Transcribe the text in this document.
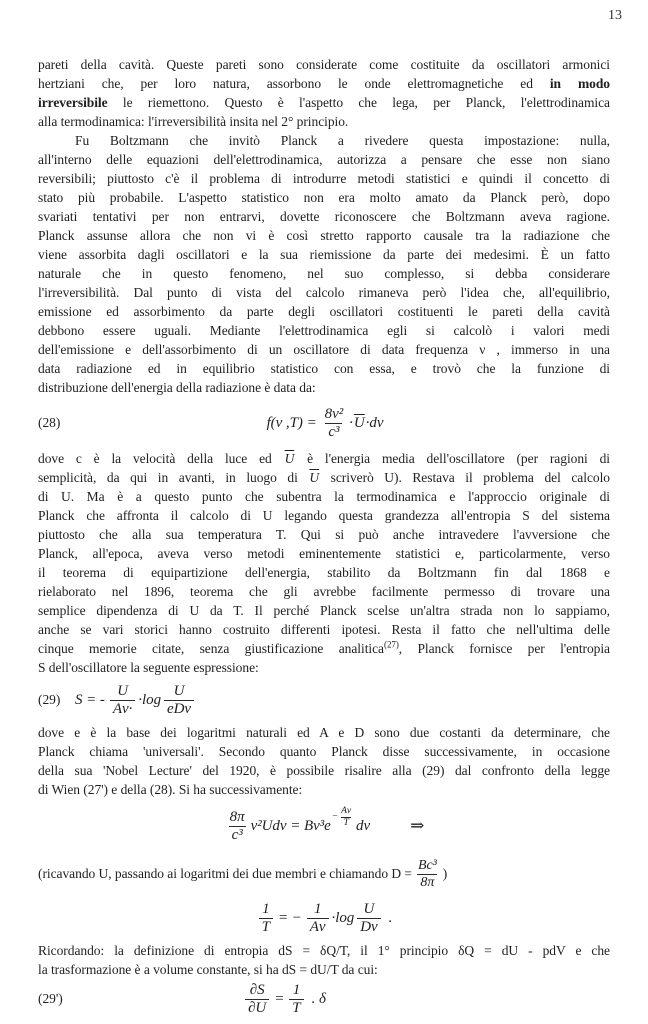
13
pareti della cavità. Queste pareti sono considerate come costituite da oscillatori armonici
hertziani che, per loro natura, assorbono le onde elettromagnetiche ed in modo
irreversibile le riemettono. Questo è l'aspetto che lega, per Planck, l'elettrodinamica
alla termodinamica: l'irreversibilità insita nel 2° principio.
Fu Boltzmann che invitò Planck a rivedere questa impostazione: nulla,
all'interno delle equazioni dell'elettrodinamica, autorizza a pensare che esse non siano
reversibili; piuttosto c'è il problema di introdurre metodi statistici e quindi il concetto di
stato più probabile. L'aspetto statistico non era molto amato da Planck però, dopo
svariati tentativi per non entrarvi, dovette riconoscere che Boltzmann aveva ragione.
Planck assunse allora che non vi è così stretto rapporto causale tra la radiazione che
viene assorbita dagli oscillatori e la sua riemissione da parte dei medesimi. È un fatto
naturale che in questo fenomeno, nel suo complesso, si debba considerare
l'irreversibilità. Dal punto di vista del calcolo rimaneva però l'idea che, all'equilibrio,
emissione ed assorbimento da parte degli oscillatori costituenti le pareti della cavità
debbono essere uguali. Mediante l'elettrodinamica egli si calcolò i valori medi
dell'emissione e dell'assorbimento di un oscillatore di data frequenza ν , immerso in una
data radiazione ed in equilibrio statistico con essa, e trovò che la funzione di
distribuzione dell'energia della radiazione è data da:
(28)	f(ν $,T) = \frac{\text{8ν²}}{\text{c³}} \cdot \overline{U} \cdot d\nu$
dove c è la velocità della luce ed $\overline{U}$ è l'energia media dell'oscillatore (per ragioni di
semplicità, da qui in avanti, in luogo di $\overline{U}$ scriverò U). Restava il problema del calcolo
di U. Ma è a questo punto che subentra la termodinamica e l'approccio originale di
Planck che affronta il calcolo di U legando questa grandezza all'entropia S del sistema
piuttosto che alla sua temperatura T. Qui si può anche intravedere l'avversione che
Planck, all'epoca, aveva verso metodi eminentemente statistici e, particolarmente, verso
il teorema di equipartizione dell'energia, stabilito da Boltzmann fin dal 1868 e
rielaborato nel 1896, teorema che gli avrebbe facilmente permesso di trovare una
semplice dipendenza di U da T. Il perché Planck scelse un'altra strada non lo sappiamo,
anche se vari storici hanno costruito differenti ipotesi. Resta il fatto che nell'ultima delle
cinque memorie citate, senza giustificazione analitica$^{(27)}$, Planck fornisce per l'entropia
S dell'oscillatore la seguente espressione:
(29) S = - $\frac{U}{A\nu\cdot} \cdot\log \frac{U}{\text{eDν}}$
dove e è la base dei logaritmi naturali ed A e D sono due costanti da determinare, che
Planck chiama 'universali'. Secondo quanto Planck disse successivamente, in occasione
della sua 'Nobel Lecture' del 1920, è possibile risalire alla (29) dal confronto della legge
di Wien (27') e della (28). Si ha successivamente:
$\frac{8\pi}{\text{c³}} \nu^2Ud\nu = B\nu^3e$
− $\frac{A\nu}{T}$ dν ⇒
(ricavando U, passando ai logaritmi dei due membri e chiamando $D = \frac{\text{Bc³}}{8\pi}$ )
$\frac{1}{T}$ = − $\frac{1}{A\nu} \cdot\log \frac{U}{D\nu}$ .
Ricordando: la definizione di entropia dS = δQ/T, il 1° principio δQ = dU - pdV e che
la trasformazione è a volume constante, si ha dS = dU/T da cui:
(29')	$\frac{\partial S}{\partial U} = \frac{1}{T}$ . δ
